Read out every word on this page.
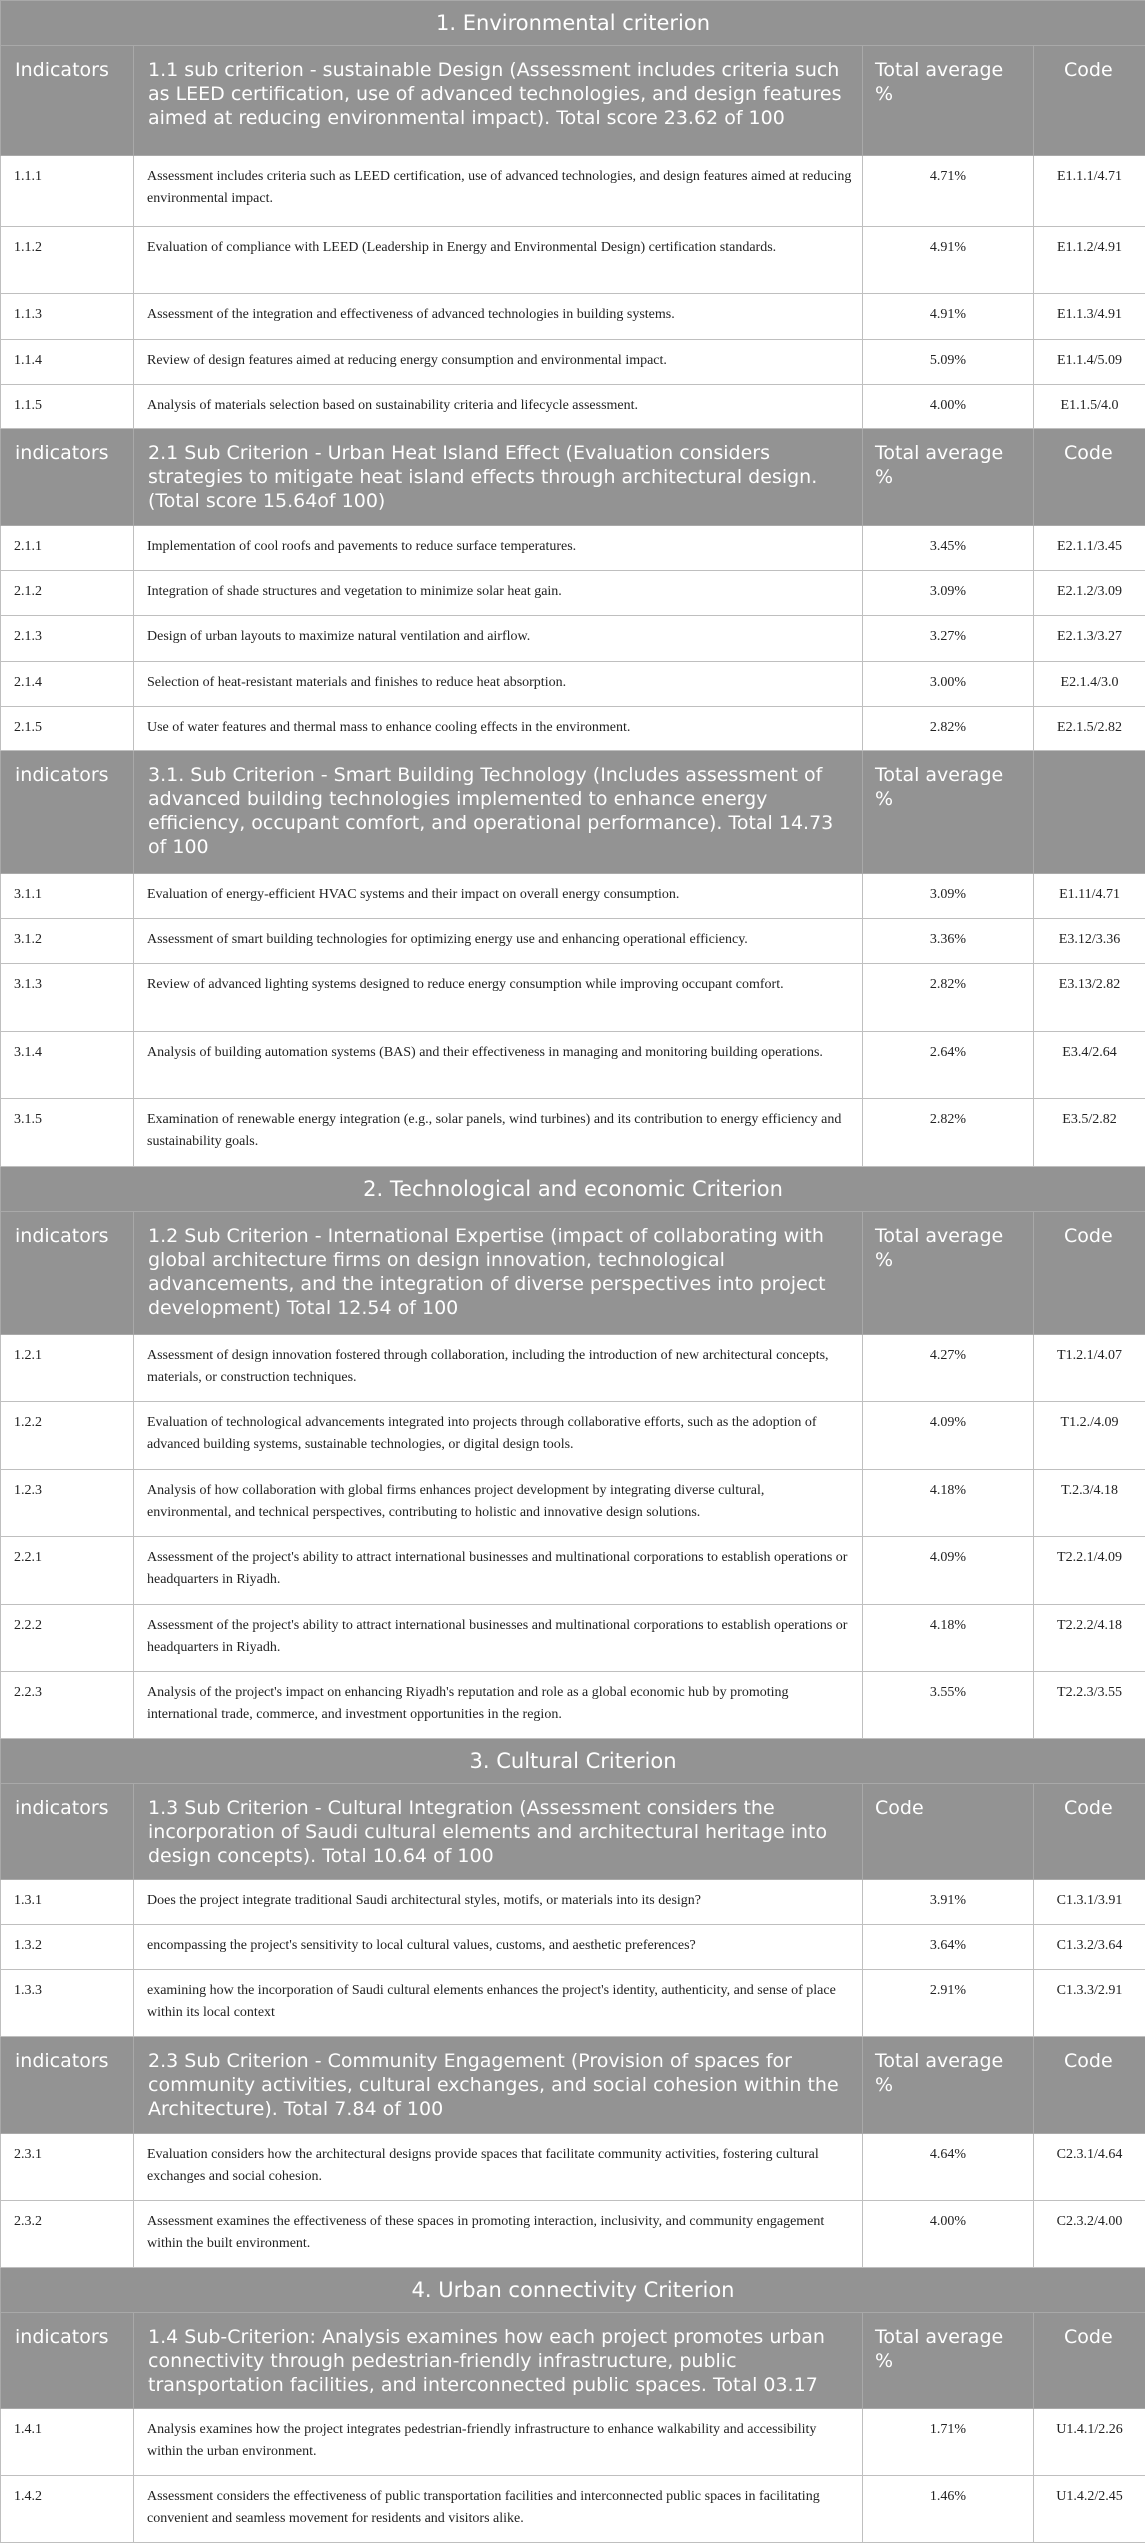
1. Environmental criterion			
Indicators	1.1 sub criterion - sustainable Design (Assessment includes criteria such as LEED certification, use of advanced technologies, and design features aimed at reducing environmental impact). Total score 23.62 of 100	Total average %	Code
1.1.1	Assessment includes criteria such as LEED certification, use of advanced technologies, and design features aimed at reducing environmental impact.	4.71%	E1.1.1/4.71
1.1.2	Evaluation of compliance with LEED (Leadership in Energy and Environmental Design) certification standards.	4.91%	E1.1.2/4.91
1.1.3	Assessment of the integration and effectiveness of advanced technologies in building systems.	4.91%	E1.1.3/4.91
1.1.4	Review of design features aimed at reducing energy consumption and environmental impact.	5.09%	E1.1.4/5.09
1.1.5	Analysis of materials selection based on sustainability criteria and lifecycle assessment.	4.00%	E1.1.5/4.0
indicators	2.1 Sub Criterion - Urban Heat Island Effect (Evaluation considers strategies to mitigate heat island effects through architectural design. (Total score 15.64of 100)	Total average %	Code
2.1.1	Implementation of cool roofs and pavements to reduce surface temperatures.	3.45%	E2.1.1/3.45
2.1.2	Integration of shade structures and vegetation to minimize solar heat gain.	3.09%	E2.1.2/3.09
2.1.3	Design of urban layouts to maximize natural ventilation and airflow.	3.27%	E2.1.3/3.27
2.1.4	Selection of heat-resistant materials and finishes to reduce heat absorption.	3.00%	E2.1.4/3.0
2.1.5	Use of water features and thermal mass to enhance cooling effects in the environment.	2.82%	E2.1.5/2.82
indicators	3.1. Sub Criterion - Smart Building Technology (Includes assessment of advanced building technologies implemented to enhance energy efficiency, occupant comfort, and operational performance). Total 14.73 of 100	Total average %	
3.1.1	Evaluation of energy-efficient HVAC systems and their impact on overall energy consumption.	3.09%	E1.11/4.71
3.1.2	Assessment of smart building technologies for optimizing energy use and enhancing operational efficiency.	3.36%	E3.12/3.36
3.1.3	Review of advanced lighting systems designed to reduce energy consumption while improving occupant comfort.	2.82%	E3.13/2.82
3.1.4	Analysis of building automation systems (BAS) and their effectiveness in managing and monitoring building operations.	2.64%	E3.4/2.64
3.1.5	Examination of renewable energy integration (e.g., solar panels, wind turbines) and its contribution to energy efficiency and sustainability goals.	2.82%	E3.5/2.82
2. Technological and economic Criterion			
indicators	1.2 Sub Criterion - International Expertise (impact of collaborating with global architecture firms on design innovation, technological advancements, and the integration of diverse perspectives into project development) Total 12.54 of 100	Total average %	Code
1.2.1	Assessment of design innovation fostered through collaboration, including the introduction of new architectural concepts, materials, or construction techniques.	4.27%	T1.2.1/4.07
1.2.2	Evaluation of technological advancements integrated into projects through collaborative efforts, such as the adoption of advanced building systems, sustainable technologies, or digital design tools.	4.09%	T1.2./4.09
1.2.3	Analysis of how collaboration with global firms enhances project development by integrating diverse cultural, environmental, and technical perspectives, contributing to holistic and innovative design solutions.	4.18%	T.2.3/4.18
2.2.1	Assessment of the project's ability to attract international businesses and multinational corporations to establish operations or headquarters in Riyadh.	4.09%	T2.2.1/4.09
2.2.2	Assessment of the project's ability to attract international businesses and multinational corporations to establish operations or headquarters in Riyadh.	4.18%	T2.2.2/4.18
2.2.3	Analysis of the project's impact on enhancing Riyadh's reputation and role as a global economic hub by promoting international trade, commerce, and investment opportunities in the region.	3.55%	T2.2.3/3.55
3. Cultural Criterion			
indicators	1.3 Sub Criterion - Cultural Integration (Assessment considers the incorporation of Saudi cultural elements and architectural heritage into design concepts). Total 10.64 of 100	Code	Code
1.3.1	Does the project integrate traditional Saudi architectural styles, motifs, or materials into its design?	3.91%	C1.3.1/3.91
1.3.2	encompassing the project's sensitivity to local cultural values, customs, and aesthetic preferences?	3.64%	C1.3.2/3.64
1.3.3	examining how the incorporation of Saudi cultural elements enhances the project's identity, authenticity, and sense of place within its local context	2.91%	C1.3.3/2.91
indicators	2.3 Sub Criterion - Community Engagement (Provision of spaces for community activities, cultural exchanges, and social cohesion within the Architecture). Total 7.84 of 100	Total average %	Code
2.3.1	Evaluation considers how the architectural designs provide spaces that facilitate community activities, fostering cultural exchanges and social cohesion.	4.64%	C2.3.1/4.64
2.3.2	Assessment examines the effectiveness of these spaces in promoting interaction, inclusivity, and community engagement within the built environment.	4.00%	C2.3.2/4.00
4. Urban connectivity Criterion			
indicators	1.4 Sub-Criterion: Analysis examines how each project promotes urban connectivity through pedestrian-friendly infrastructure, public transportation facilities, and interconnected public spaces. Total 03.17	Total average %	Code
1.4.1	Analysis examines how the project integrates pedestrian-friendly infrastructure to enhance walkability and accessibility within the urban environment.	1.71%	U1.4.1/2.26
1.4.2	Assessment considers the effectiveness of public transportation facilities and interconnected public spaces in facilitating convenient and seamless movement for residents and visitors alike.	1.46%	U1.4.2/2.45
